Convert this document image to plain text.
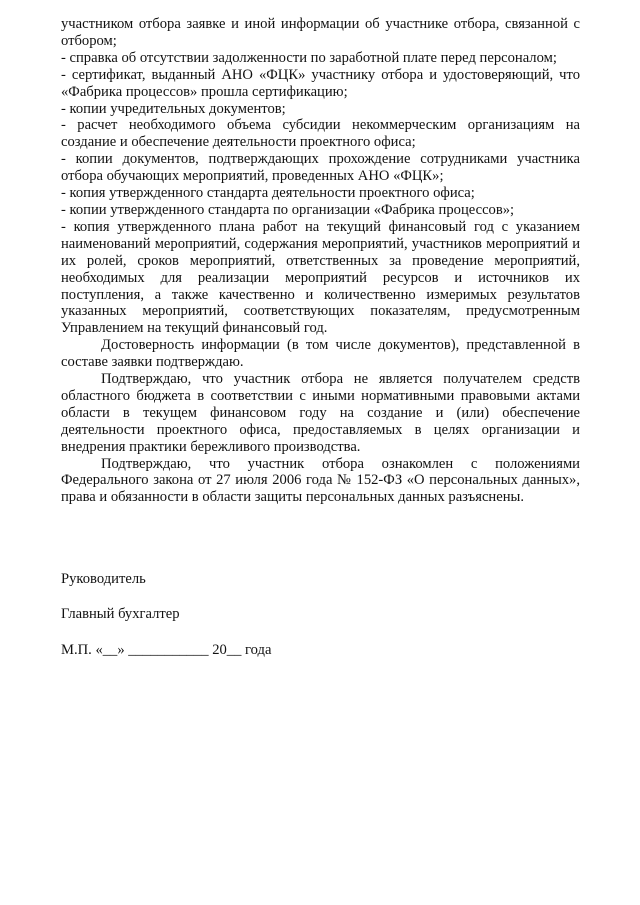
участником отбора заявке и иной информации об участнике отбора, связанной с отбором;

- справка об отсутствии задолженности по заработной плате перед персоналом;

- сертификат, выданный АНО «ФЦК» участнику отбора и удостоверяющий, что «Фабрика процессов» прошла сертификацию;

- копии учредительных документов;

- расчет необходимого объема субсидии некоммерческим организациям на создание и обеспечение деятельности проектного офиса;

- копии документов, подтверждающих прохождение сотрудниками участника отбора обучающих мероприятий, проведенных АНО «ФЦК»;

- копия утвержденного стандарта деятельности проектного офиса;

- копии утвержденного стандарта по организации «Фабрика процессов»;

- копия утвержденного плана работ на текущий финансовый год с указанием наименований мероприятий, содержания мероприятий, участников мероприятий и их ролей, сроков мероприятий, ответственных за проведение мероприятий, необходимых для реализации мероприятий ресурсов и источников их поступления, а также качественно и количественно измеримых результатов указанных мероприятий, соответствующих показателям, предусмотренным Управлением на текущий финансовый год.

Достоверность информации (в том числе документов), представленной в составе заявки подтверждаю.

Подтверждаю, что участник отбора не является получателем средств областного бюджета в соответствии с иными нормативными правовыми актами области в текущем финансовом году на создание и (или) обеспечение деятельности проектного офиса, предоставляемых в целях организации и внедрения практики бережливого производства.

Подтверждаю, что участник отбора ознакомлен с положениями Федерального закона от 27 июля 2006 года № 152-ФЗ «О персональных данных», права и обязанности в области защиты персональных данных разъяснены.

Руководитель
Главный бухгалтер
М.П. «__» ___________ 20__ года
